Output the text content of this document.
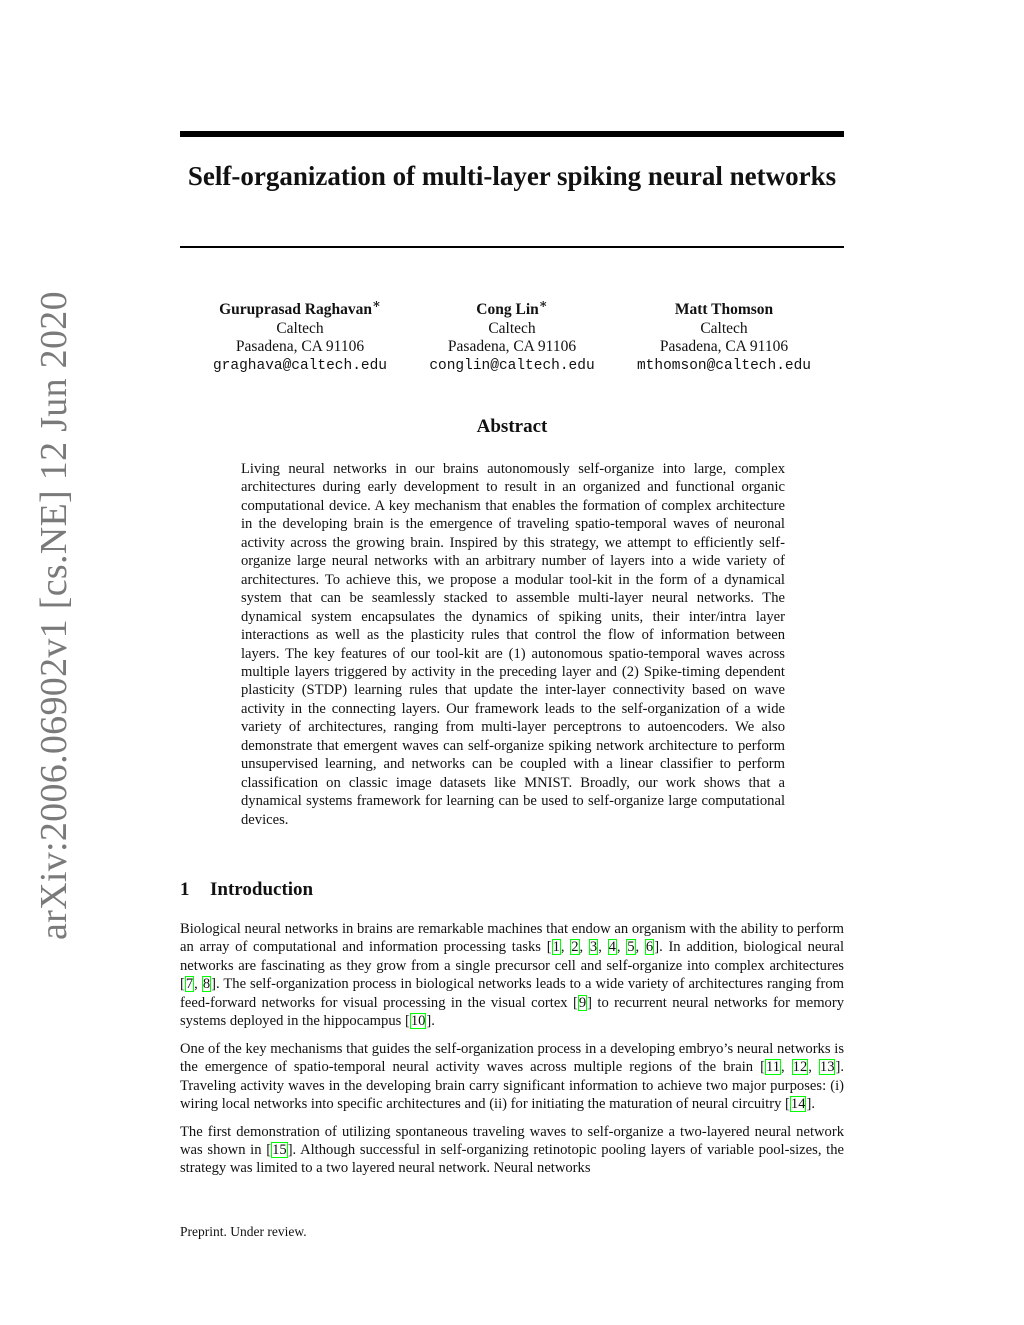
arXiv:2006.06902v1 [cs.NE] 12 Jun 2020
Self-organization of multi-layer spiking neural networks
Guruprasad Raghavan∗
Caltech
Pasadena, CA 91106
graghava@caltech.edu
Cong Lin∗
Caltech
Pasadena, CA 91106
conglin@caltech.edu
Matt Thomson
Caltech
Pasadena, CA 91106
mthomson@caltech.edu
Abstract
Living neural networks in our brains autonomously self-organize into large, complex architectures during early development to result in an organized and functional organic computational device. A key mechanism that enables the formation of complex architecture in the developing brain is the emergence of traveling spatio-temporal waves of neuronal activity across the growing brain. Inspired by this strategy, we attempt to efficiently self-organize large neural networks with an arbitrary number of layers into a wide variety of architectures. To achieve this, we propose a modular tool-kit in the form of a dynamical system that can be seamlessly stacked to assemble multi-layer neural networks. The dynamical system encapsulates the dynamics of spiking units, their inter/intra layer interactions as well as the plasticity rules that control the flow of information between layers. The key features of our tool-kit are (1) autonomous spatio-temporal waves across multiple layers triggered by activity in the preceding layer and (2) Spike-timing dependent plasticity (STDP) learning rules that update the inter-layer connectivity based on wave activity in the connecting layers. Our framework leads to the self-organization of a wide variety of architectures, ranging from multi-layer perceptrons to autoencoders. We also demonstrate that emergent waves can self-organize spiking network architecture to perform unsupervised learning, and networks can be coupled with a linear classifier to perform classification on classic image datasets like MNIST. Broadly, our work shows that a dynamical systems framework for learning can be used to self-organize large computational devices.
1 Introduction

Biological neural networks in brains are remarkable machines that endow an organism with the ability to perform an array of computational and information processing tasks [1, 2, 3, 4, 5, 6]. In addition, biological neural networks are fascinating as they grow from a single precursor cell and self-organize into complex architectures [7, 8]. The self-organization process in biological networks leads to a wide variety of architectures ranging from feed-forward networks for visual processing in the visual cortex [9] to recurrent neural networks for memory systems deployed in the hippocampus [10].

One of the key mechanisms that guides the self-organization process in a developing embryo’s neural networks is the emergence of spatio-temporal neural activity waves across multiple regions of the brain [11, 12, 13]. Traveling activity waves in the developing brain carry significant information to achieve two major purposes: (i) wiring local networks into specific architectures and (ii) for initiating the maturation of neural circuitry [14].

The first demonstration of utilizing spontaneous traveling waves to self-organize a two-layered neural network was shown in [15]. Although successful in self-organizing retinotopic pooling layers of variable pool-sizes, the strategy was limited to a two layered neural network. Neural networks

Preprint. Under review.
